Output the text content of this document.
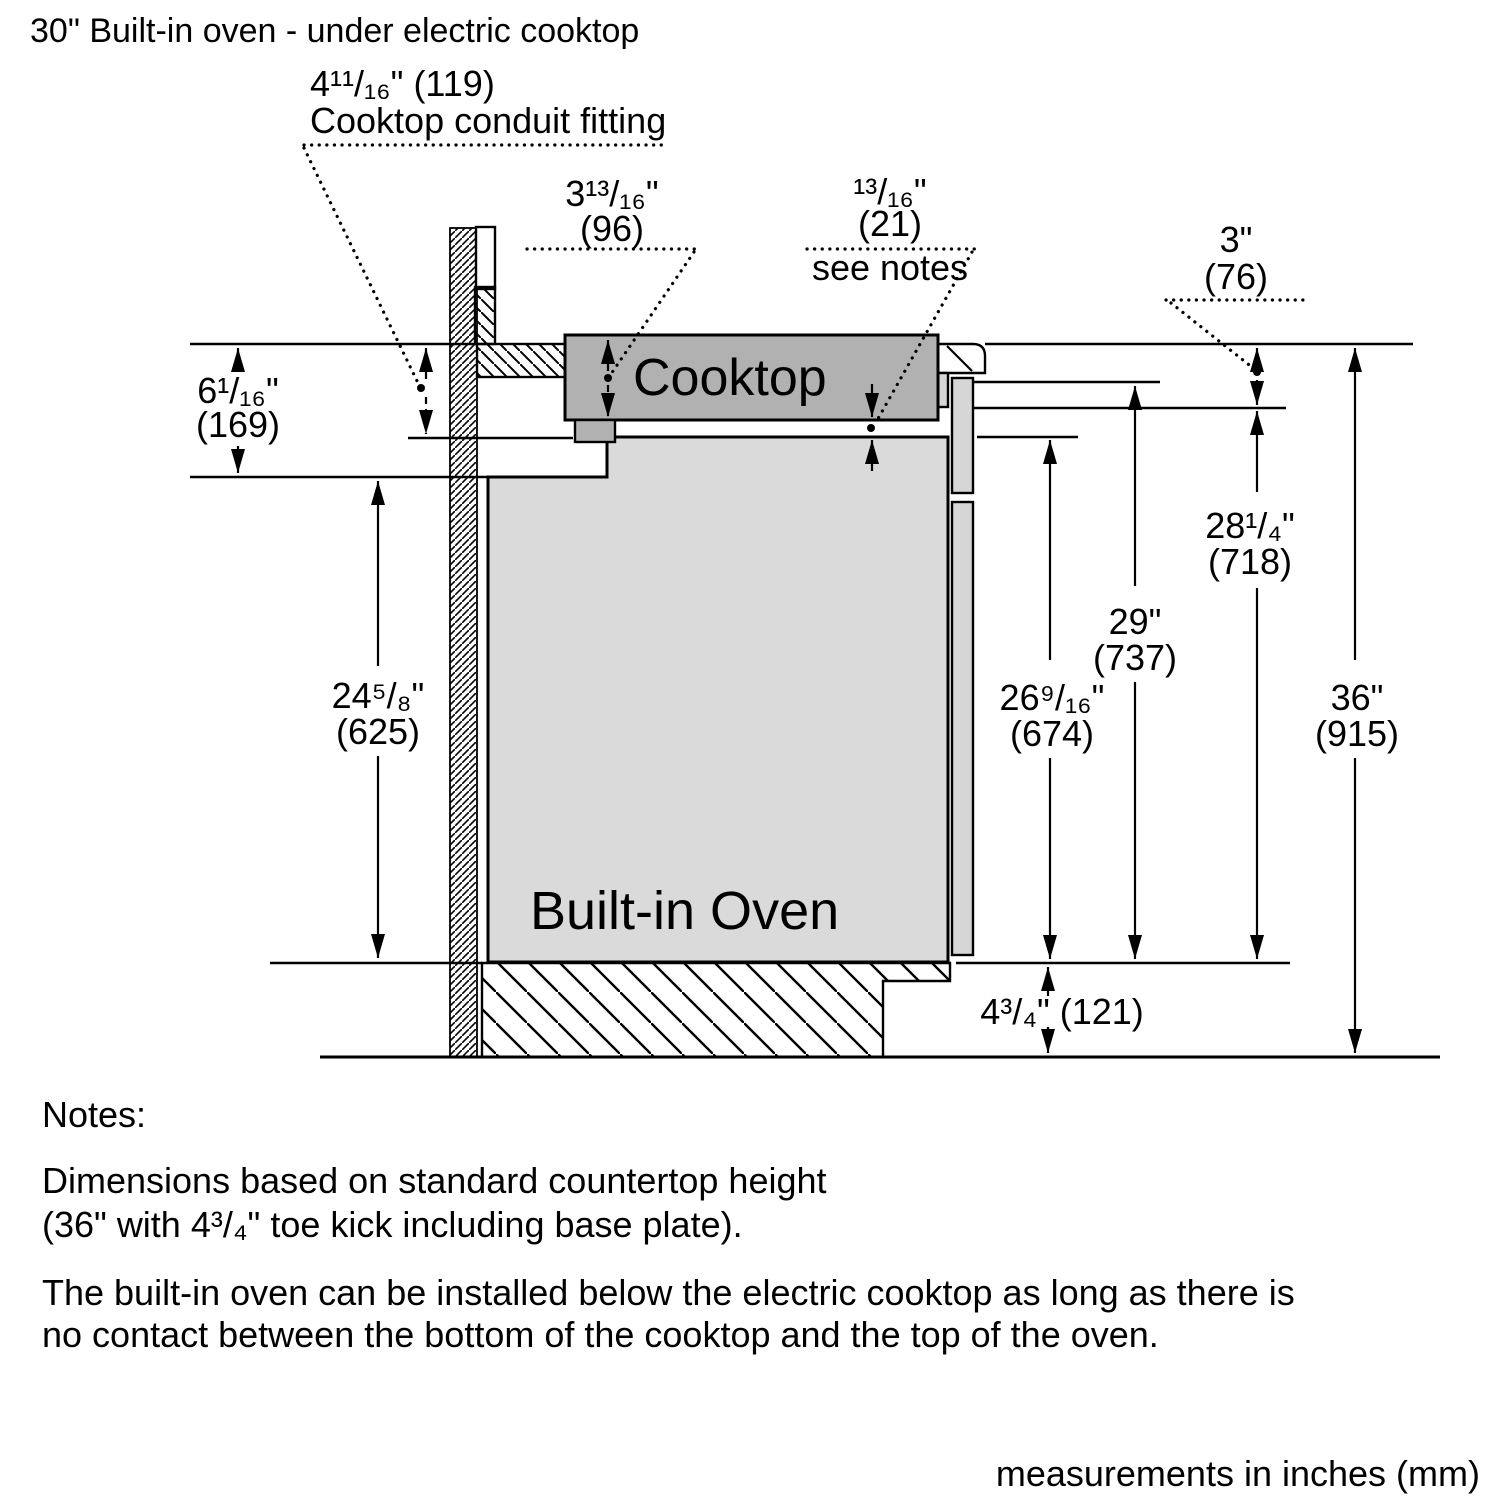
Cooktop
Built-in Oven
6¹/₁₆"
(169)
24⁵/₈"
(625)
26⁹/₁₆"
(674)
29"
(737)
28¹/₄"
(718)
36"
(915)
4³/₄" (121)
3"
(76)
4¹¹/₁₆" (119)
Cooktop conduit fitting
3¹³/₁₆"
(96)
¹³/₁₆"
(21)
see notes
30" Built-in oven - under electric cooktop
Notes:
Dimensions based on standard countertop height
(36" with 4³/₄" toe kick including base plate).
The built-in oven can be installed below the electric cooktop as long as there is
no contact between the bottom of the cooktop and the top of the oven.
measurements in inches (mm)
